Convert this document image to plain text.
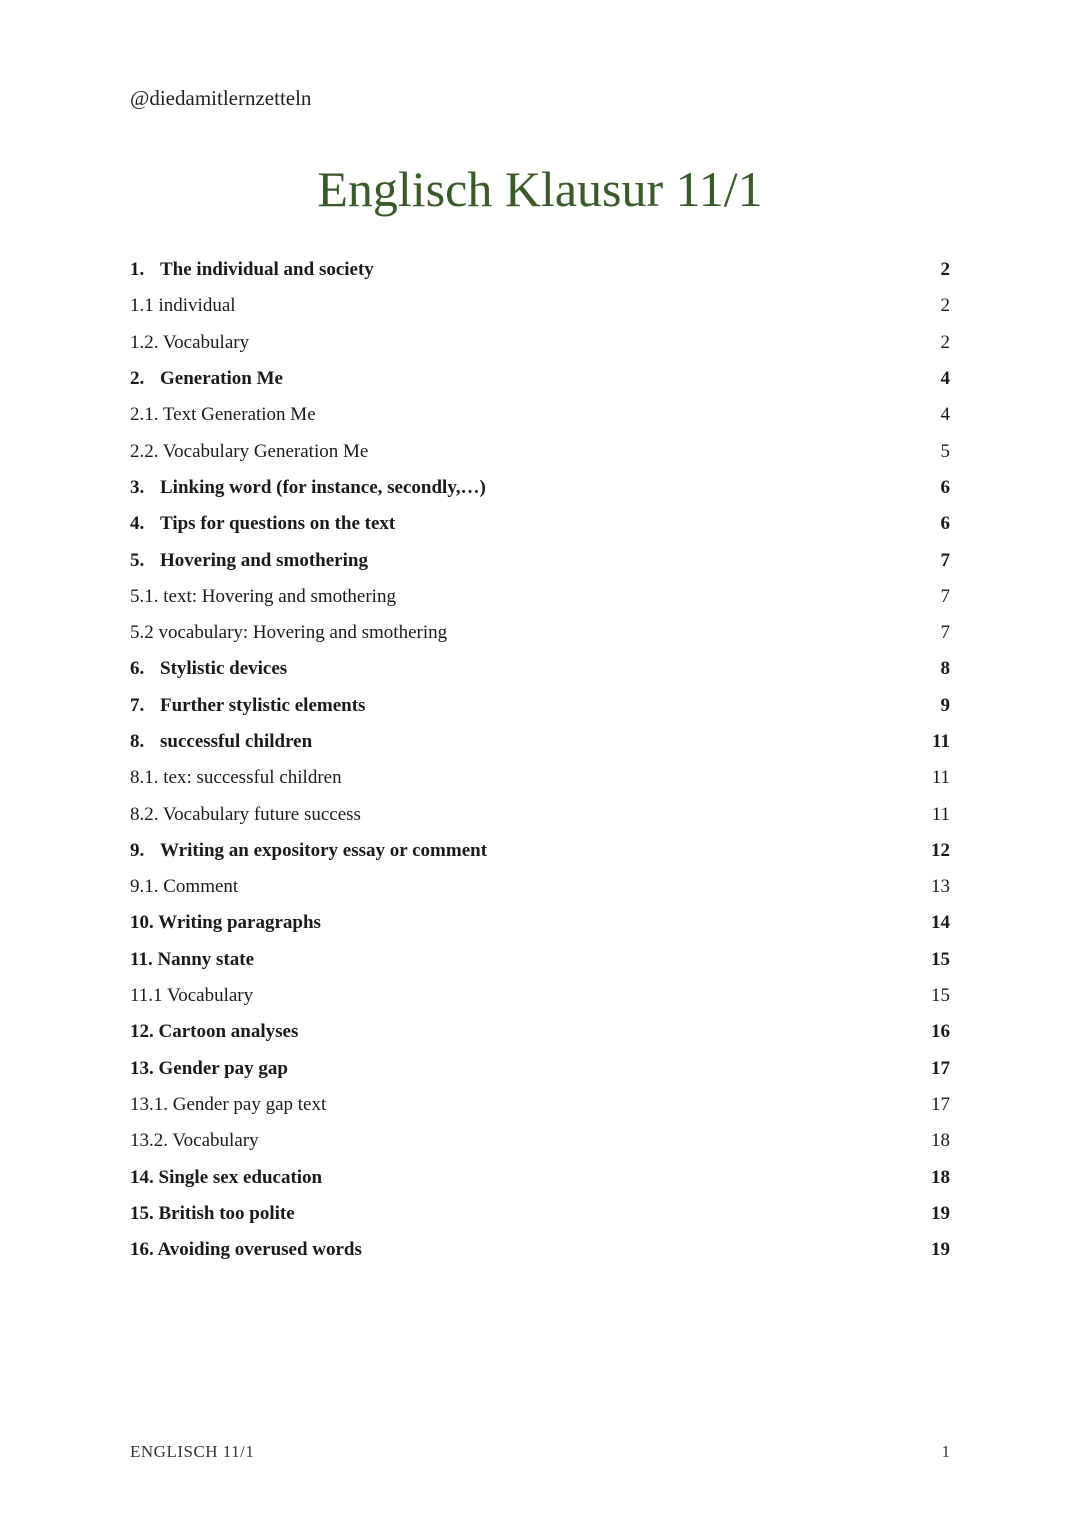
@diedamitlernzetteln
Englisch Klausur 11/1
1. The individual and society	2
1.1 individual	2
1.2. Vocabulary	2
2. Generation Me	4
2.1. Text Generation Me	4
2.2. Vocabulary Generation Me	5
3. Linking word (for instance, secondly,…)	6
4. Tips for questions on the text	6
5. Hovering and smothering	7
5.1. text: Hovering and smothering	7
5.2 vocabulary: Hovering and smothering	7
6. Stylistic devices	8
7. Further stylistic elements	9
8. successful children	11
8.1. tex: successful children	11
8.2. Vocabulary future success	11
9. Writing an expository essay or comment	12
9.1. Comment	13
10. Writing paragraphs	14
11. Nanny state	15
11.1 Vocabulary	15
12. Cartoon analyses	16
13. Gender pay gap	17
13.1. Gender pay gap text	17
13.2. Vocabulary	18
14. Single sex education	18
15. British too polite	19
16. Avoiding overused words	19
ENGLISCH 11/1	1
